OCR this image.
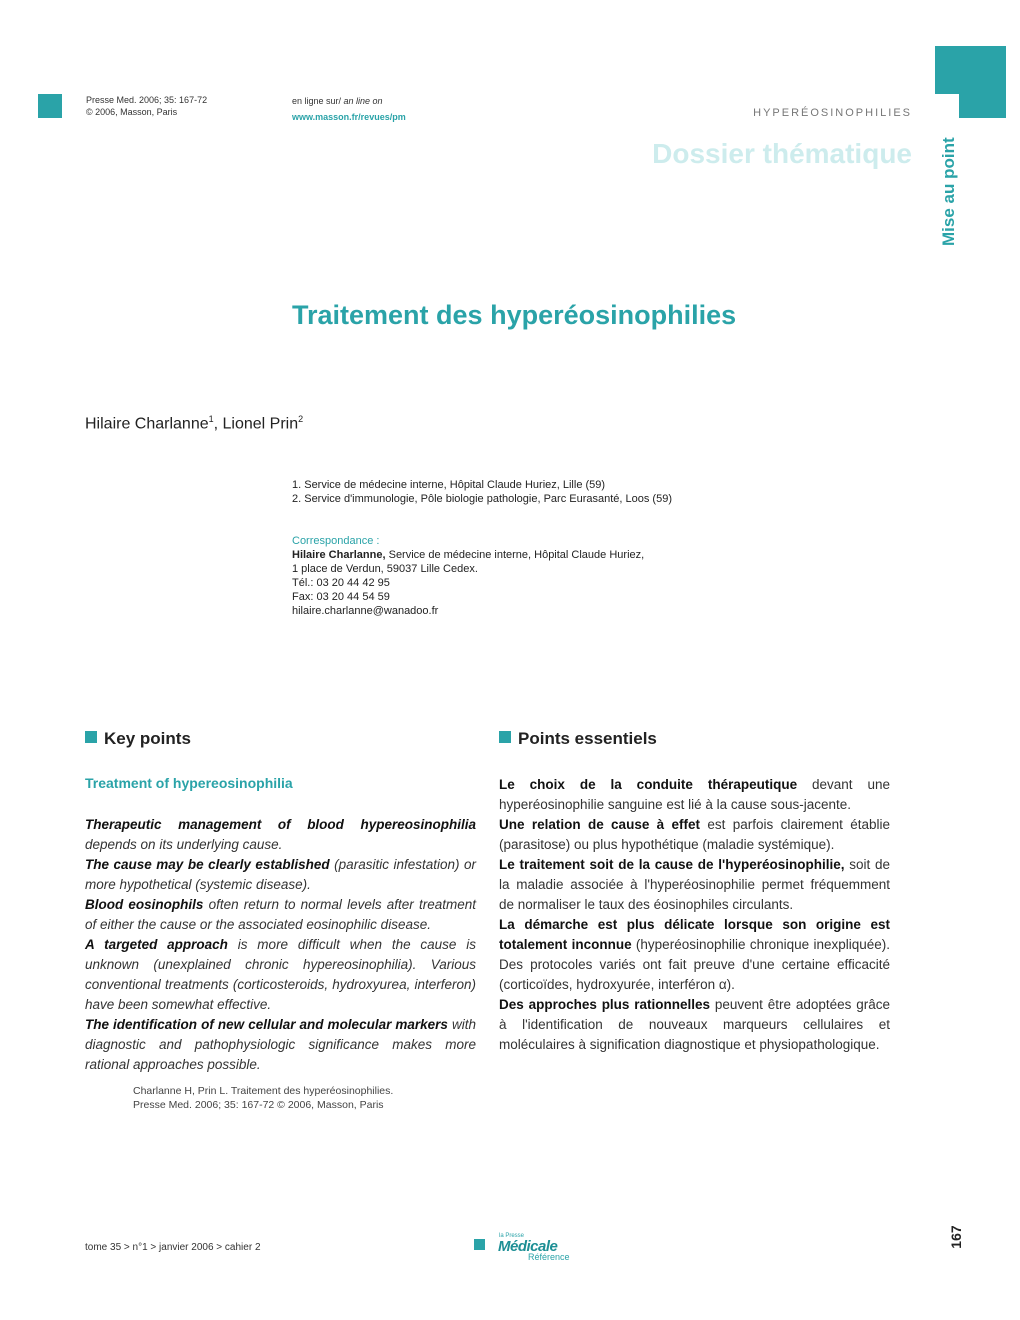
Presse Med. 2006; 35: 167-72
© 2006, Masson, Paris
en ligne sur/ an line on
www.masson.fr/revues/pm	HYPERÉOSINOPHILIES
Dossier thématique Mise au point
Traitement des hyperéosinophilies
Hilaire Charlanne$^1$, Lionel Prin$^2$
1. Service de médecine interne, Hôpital Claude Huriez, Lille (59)
2. Service d'immunologie, Pôle biologie pathologie, Parc Eurasanté, Loos (59)
Correspondance :
Hilaire Charlanne, Service de médecine interne, Hôpital Claude Huriez,
1 place de Verdun, 59037 Lille Cedex.
Tél.: 03 20 44 42 95
Fax: 03 20 44 54 59
hilaire.charlanne@wanadoo.fr
Key points
Treatment of hypereosinophilia

Therapeutic management of blood hypereosinophilia depends on its underlying cause.

The cause may be clearly established (parasitic infestation) or more hypothetical (systemic disease).

Blood eosinophils often return to normal levels after treatment of either the cause or the associated eosinophilic disease.

A targeted approach is more difficult when the cause is unknown (unexplained chronic hypereosinophilia). Various conventional treatments (corticosteroids, hydroxyurea, interferon) have been somewhat effective.

The identification of new cellular and molecular markers with diagnostic and pathophysiologic significance makes more rational approaches possible.

Charlanne H, Prin L. Traitement des hyperéosinophilies.
Presse Med. 2006; 35: 167-72 © 2006, Masson, Paris
Points essentiels

Le choix de la conduite thérapeutique devant une hyperéosinophilie sanguine est lié à la cause sous-jacente.

Une relation de cause à effet est parfois clairement établie (parasitose) ou plus hypothétique (maladie systémique).

Le traitement soit de la cause de l'hyperéosinophilie, soit de la maladie associée à l'hyperéosinophilie permet fréquemment de normaliser le taux des éosinophiles circulants.

La démarche est plus délicate lorsque son origine est totalement inconnue (hyperéosinophilie chronique inexpliquée). Des protocoles variés ont fait preuve d'une certaine efficacité (corticoïdes, hydroxyurée, interféron α).

Des approches plus rationnelles peuvent être adoptées grâce à l'identification de nouveaux marqueurs cellulaires et moléculaires à signification diagnostique et physiopathologique.

tome 35 > n°1 > janvier 2006 > cahier 2
la Presse
Médicale
Référence
167
